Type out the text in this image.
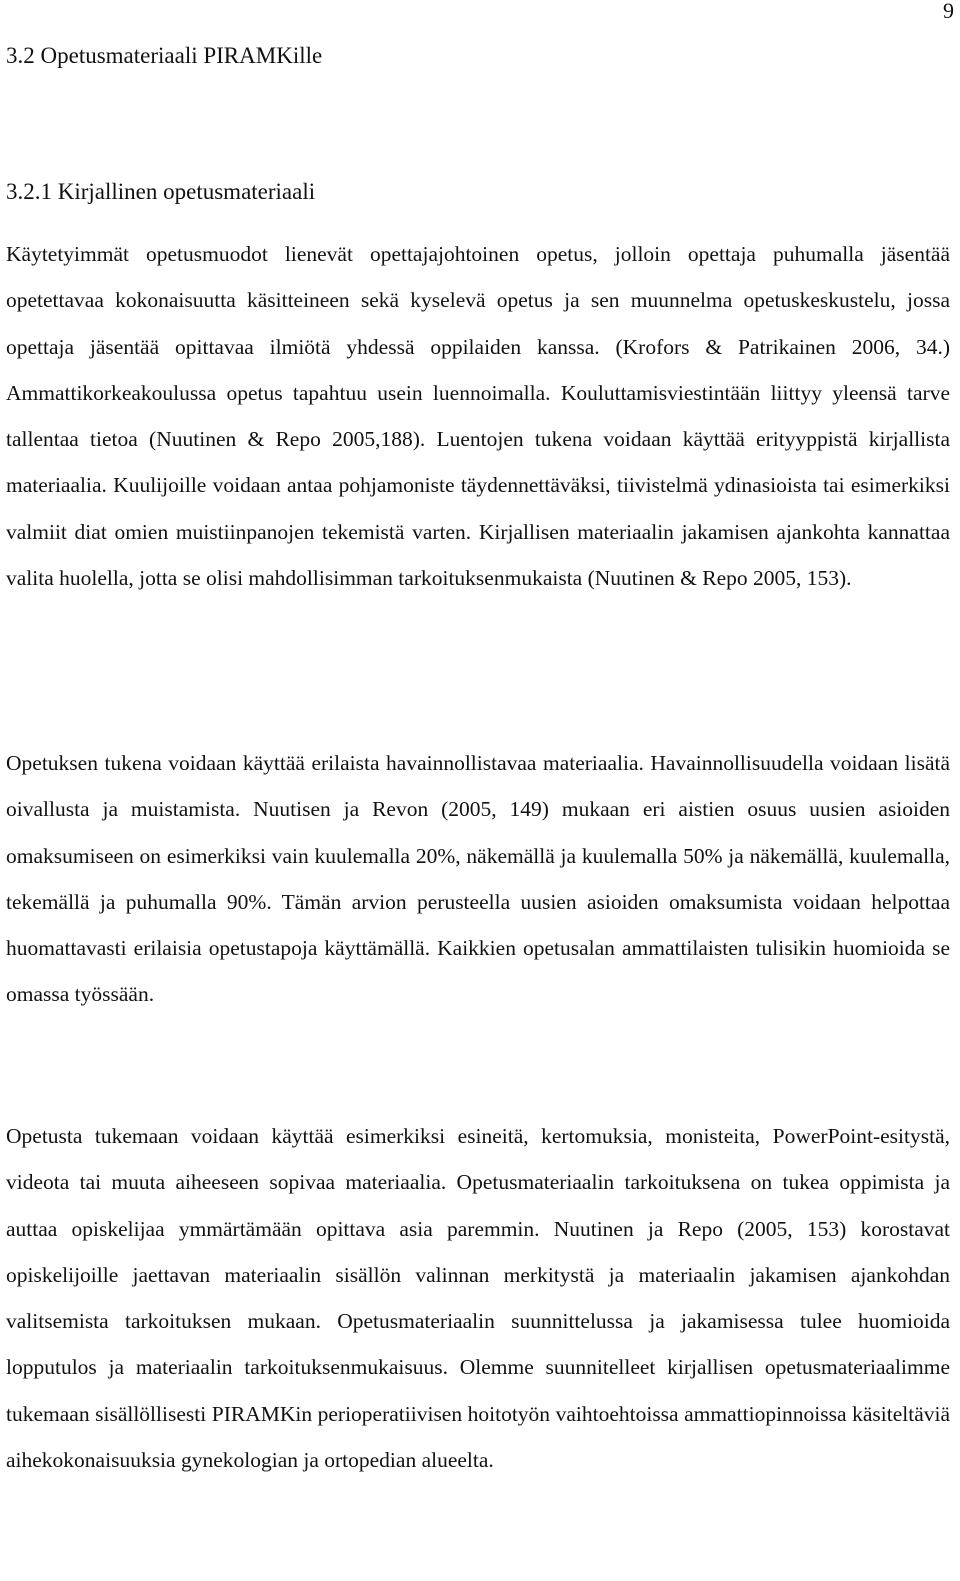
9
3.2 Opetusmateriaali PIRAMKille
3.2.1 Kirjallinen opetusmateriaali

Käytetyimmät opetusmuodot lienevät opettajajohtoinen opetus, jolloin opettaja puhumalla jäsentää opetettavaa kokonaisuutta käsitteineen sekä kyselevä opetus ja sen muunnelma opetuskeskustelu, jossa opettaja jäsentää opittavaa ilmiötä yhdessä oppilaiden kanssa. (Krofors & Patrikainen 2006, 34.) Ammattikorkeakoulussa opetus tapahtuu usein luennoimalla. Kouluttamisviestintään liittyy yleensä tarve tallentaa tietoa (Nuutinen & Repo 2005,188). Luentojen tukena voidaan käyttää erityyppistä kirjallista materiaalia. Kuulijoille voidaan antaa pohjamoniste täydennettäväksi, tiivistelmä ydinasioista tai esimerkiksi valmiit diat omien muistiinpanojen tekemistä varten. Kirjallisen materiaalin jakamisen ajankohta kannattaa valita huolella, jotta se olisi mahdollisimman tarkoituksenmukaista (Nuutinen & Repo 2005, 153).

Opetuksen tukena voidaan käyttää erilaista havainnollistavaa materiaalia. Havainnollisuudella voidaan lisätä oivallusta ja muistamista. Nuutisen ja Revon (2005, 149) mukaan eri aistien osuus uusien asioiden omaksumiseen on esimerkiksi vain kuulemalla 20%, näkemällä ja kuulemalla 50% ja näkemällä, kuulemalla, tekemällä ja puhumalla 90%. Tämän arvion perusteella uusien asioiden omaksumista voidaan helpottaa huomattavasti erilaisia opetustapoja käyttämällä. Kaikkien opetusalan ammattilaisten tulisikin huomioida se omassa työssään.

Opetusta tukemaan voidaan käyttää esimerkiksi esineitä, kertomuksia, monisteita, PowerPoint-esitystä, videota tai muuta aiheeseen sopivaa materiaalia. Opetusmateriaalin tarkoituksena on tukea oppimista ja auttaa opiskelijaa ymmärtämään opittava asia paremmin. Nuutinen ja Repo (2005, 153) korostavat opiskelijoille jaettavan materiaalin sisällön valinnan merkitystä ja materiaalin jakamisen ajankohdan valitsemista tarkoituksen mukaan. Opetusmateriaalin suunnittelussa ja jakamisessa tulee huomioida lopputulos ja materiaalin tarkoituksenmukaisuus. Olemme suunnitelleet kirjallisen opetusmateriaalimme tukemaan sisällöllisesti PIRAMKin perioperatiivisen hoitotyön vaihtoehtoissa ammattiopinnoissa käsiteltäviä aihekokonaisuuksia gynekologian ja ortopedian alueelta.
